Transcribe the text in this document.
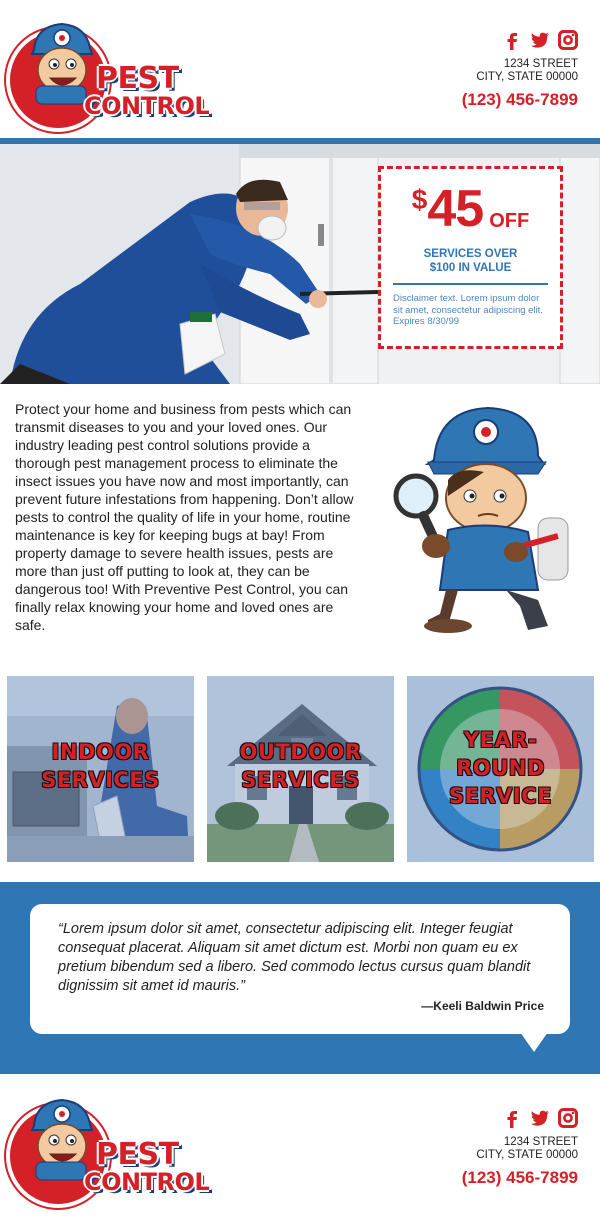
PEST
CONTROL
1234 STREET
CITY, STATE 00000
(123) 456-7899
$ 45 OFF
SERVICES OVER
$100 IN VALUE
Disclaimer text. Lorem ipsum dolor sit amet, consectetur adipiscing elit. Expires 8/30/99
Protect your home and business from pests which can transmit diseases to you and your loved ones. Our industry leading pest control solutions provide a thorough pest management process to eliminate the insect issues you have now and most importantly, can prevent future infestations from happening. Don’t allow pests to control the quality of life in your home, routine maintenance is key for keeping bugs at bay! From property damage to severe health issues, pests are more than just off putting to look at, they can be dangerous too! With Preventive Pest Control, you can finally relax knowing your home and loved ones are safe.
INDOOR
SERVICES
OUTDOOR
SERVICES
YEAR-
ROUND
SERVICE
“Lorem ipsum dolor sit amet, consectetur adipiscing elit. Integer feugiat consequat placerat. Aliquam sit amet dictum est. Morbi non quam eu ex pretium bibendum sed a libero. Sed commodo lectus cursus quam blandit dignissim sit amet id mauris.”
—Keeli Baldwin Price
PEST
CONTROL
1234 STREET
CITY, STATE 00000
(123) 456-7899
